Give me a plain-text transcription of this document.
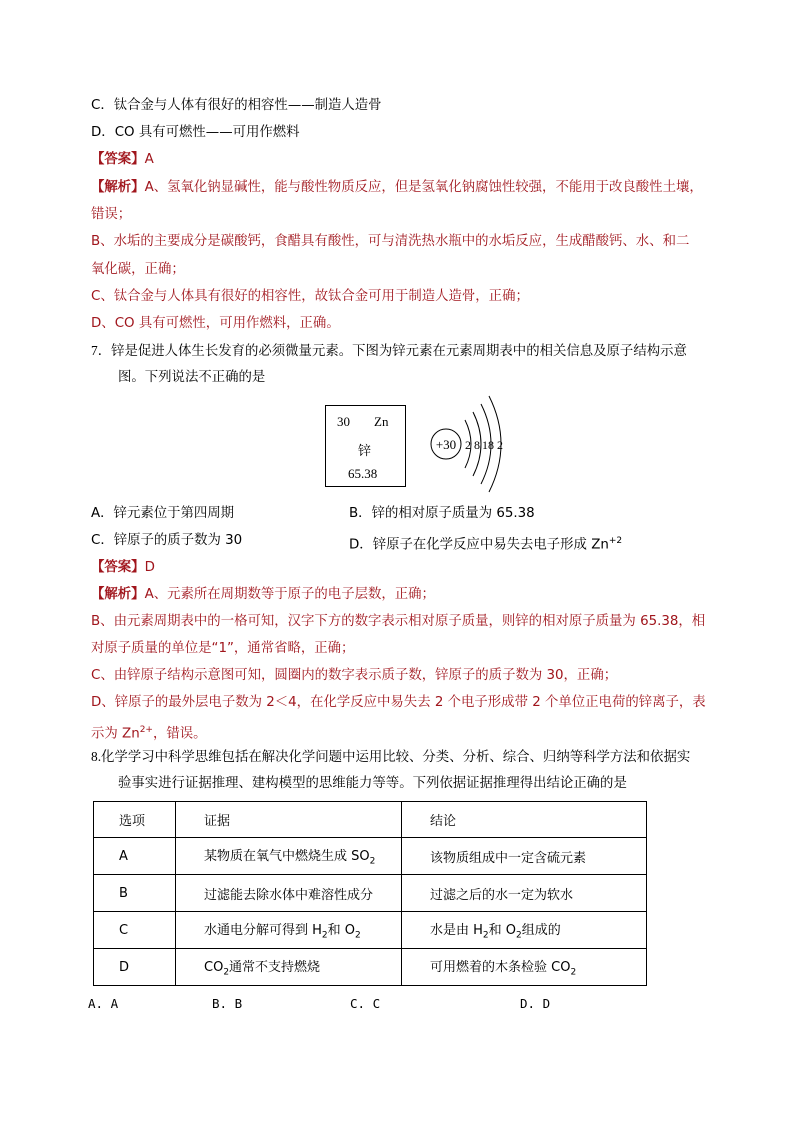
C．钛合金与人体有很好的相容性——制造人造骨
D．CO 具有可燃性——可用作燃料
【答案】A
【解析】A、氢氧化钠显碱性，能与酸性物质反应，但是氢氧化钠腐蚀性较强，不能用于改良酸性土壤，
错误；
B、水垢的主要成分是碳酸钙，食醋具有酸性，可与清洗热水瓶中的水垢反应，生成醋酸钙、水、和二
氧化碳，正确；
C、钛合金与人体具有很好的相容性，故钛合金可用于制造人造骨，正确；
D、CO 具有可燃性，可用作燃料，正确。
7．锌是促进人体生长发育的必须微量元素。下图为锌元素在元素周期表中的相关信息及原子结构示意
图。下列说法不正确的是
30 Zn
锌
65.38
+30 2 8 18 2
A．锌元素位于第四周期	B．锌的相对原子质量为 65.38
C．锌原子的质子数为 30	D．锌原子在化学反应中易失去电子形成 $Zn^{+2}$
【答案】D
【解析】A、元素所在周期数等于原子的电子层数，正确；
B、由元素周期表中的一格可知，汉字下方的数字表示相对原子质量，则锌的相对原子质量为 65.38，相
对原子质量的单位是“1”，通常省略，正确；
C、由锌原子结构示意图可知，圆圈内的数字表示质子数，锌原子的质子数为 30，正确；
D、锌原子的最外层电子数为 2＜4，在化学反应中易失去 2 个电子形成带 2 个单位正电荷的锌离子，表
示为 $Zn^{2+}$，错误。
8.化学学习中科学思维包括在解决化学问题中运用比较、分类、分析、综合、归纳等科学方法和依据实
验事实进行证据推理、建构模型的思维能力等等。下列依据证据推理得出结论正确的是
选项	证据	结论
A	某物质在氧气中燃烧生成 $SO_2$	该物质组成中一定含硫元素
B	过滤能去除水体中难溶性成分	过滤之后的水一定为软水
C	水通电分解可得到 $H_2$和 $O_2$	水是由 $H_2$和 $O_2$组成的
D	$CO_2$通常不支持燃烧	可用燃着的木条检验 $CO_2$
A. A	B. B	C. C	D. D
